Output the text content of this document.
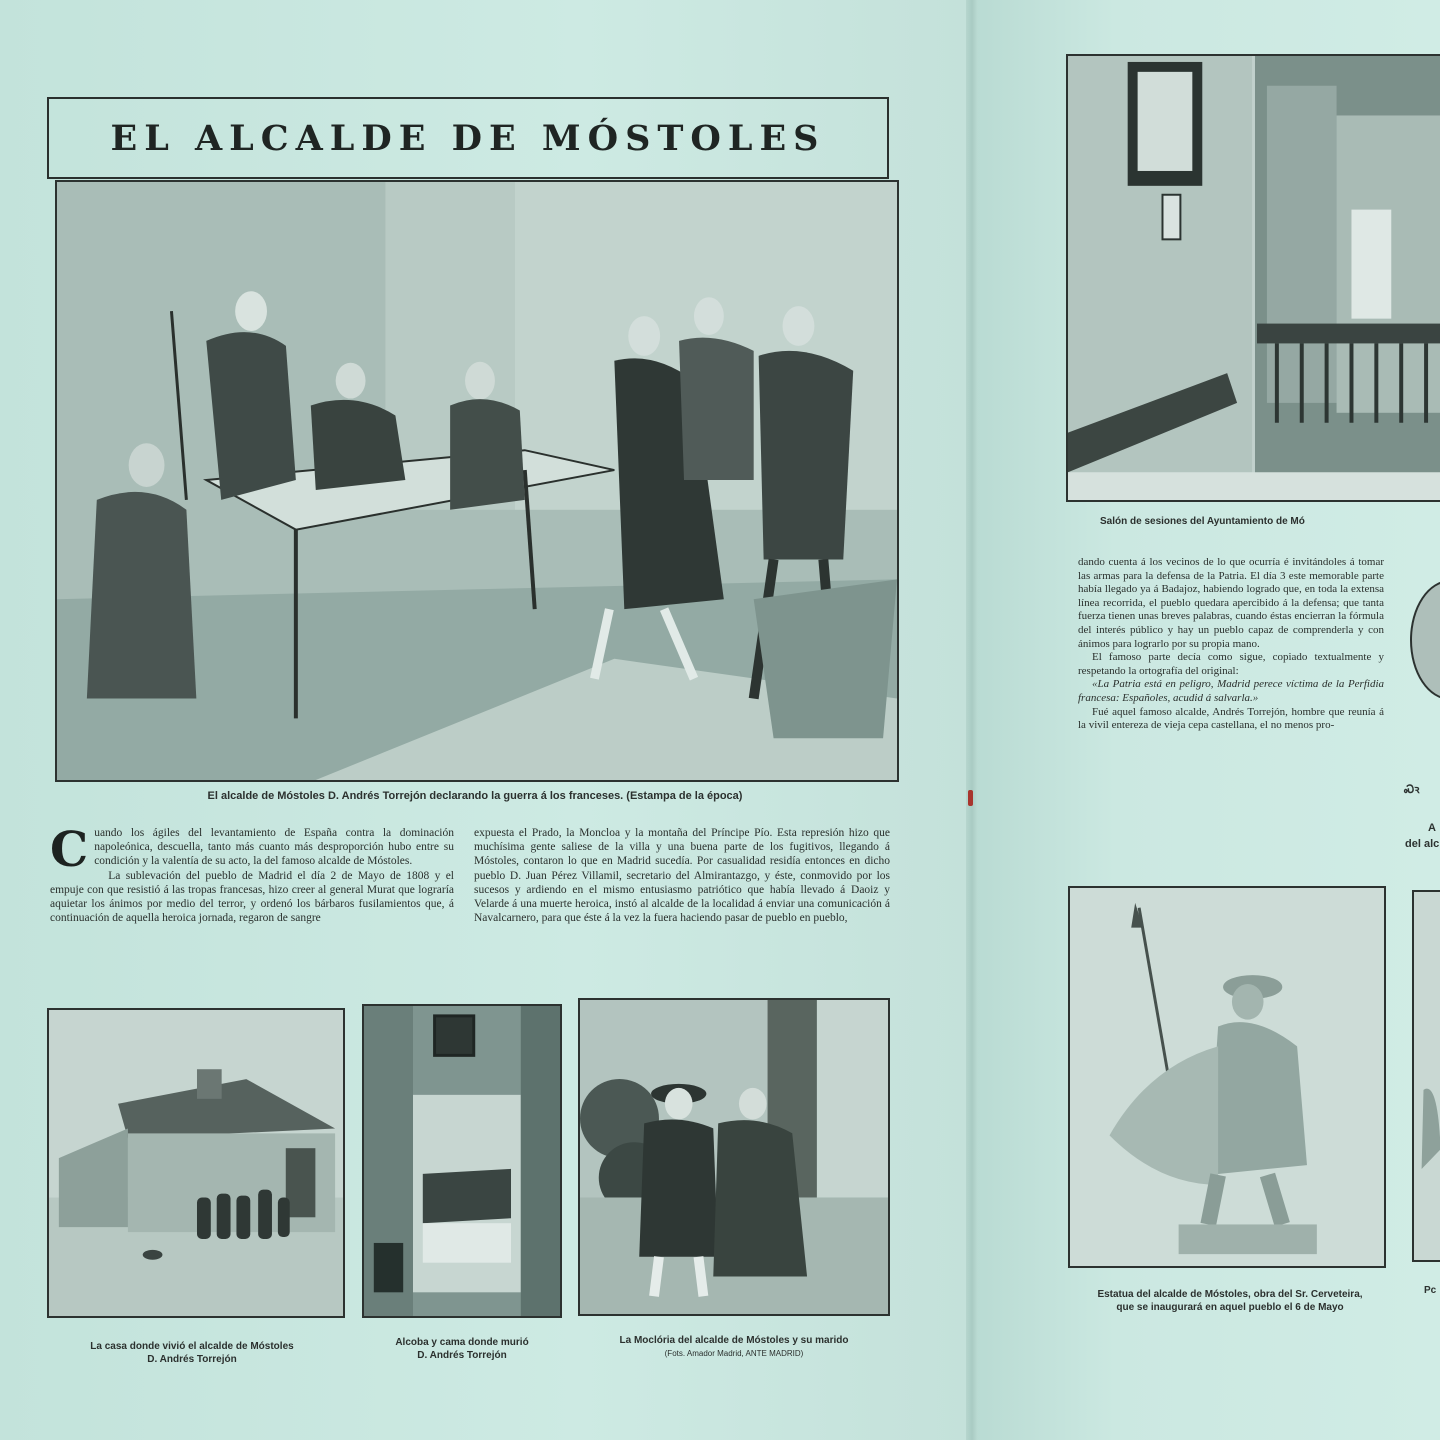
EL ALCALDE DE MÓSTOLES
El alcalde de Móstoles D. Andrés Torrejón declarando la guerra á los franceses. (Estampa de la época)

Cuando los ágiles del levantamiento de España contra la dominación napoleónica, descuella, tanto más cuanto más desproporción hubo entre su condición y la valentía de su acto, la del famoso alcalde de Móstoles.

La sublevación del pueblo de Madrid el día 2 de Mayo de 1808 y el empuje con que resistió á las tropas francesas, hizo creer al general Murat que lograría aquietar los ánimos por medio del terror, y ordenó los bárbaros fusilamientos que, á continuación de aquella heroica jornada, regaron de sangre

expuesta el Prado, la Moncloa y la montaña del Príncipe Pío. Esta represión hizo que muchísima gente saliese de la villa y una buena parte de los fugitivos, llegando á Móstoles, contaron lo que en Madrid sucedía. Por casualidad residía entonces en dicho pueblo D. Juan Pérez Villamil, secretario del Almirantazgo, y éste, conmovido por los sucesos y ardiendo en el mismo entusiasmo patriótico que había llevado á Daoiz y Velarde á una muerte heroica, instó al alcalde de la localidad á enviar una comunicación á Navalcarnero, para que éste á la vez la fuera haciendo pasar de pueblo en pueblo,

La casa donde vivió el alcalde de Móstoles
D. Andrés Torrejón
Alcoba y cama donde murió
D. Andrés Torrejón
La Moclória del alcalde de Móstoles y su marido
(Fots. Amador Madrid, ANTE MADRID)
Salón de sesiones del Ayuntamiento de Mó

dando cuenta á los vecinos de lo que ocurría é invitándoles á tomar las armas para la defensa de la Patria. El día 3 este memorable parte había llegado ya á Badajoz, habiendo logrado que, en toda la extensa línea recorrida, el pueblo quedara apercibido á la defensa; que tanta fuerza tienen unas breves palabras, cuando éstas encierran la fórmula del interés público y hay un pueblo capaz de comprenderla y con ánimos para lograrlo por su propia mano.

El famoso parte decía como sigue, copiado textualmente y respetando la ortografía del original:

«La Patria está en peligro, Madrid perece víctima de la Perfidia francesa: Españoles, acudid á salvarla.»

Fué aquel famoso alcalde, Andrés Torrejón, hombre que reunía á la vivil entereza de vieja cepa castellana, el no menos pro-

Ꮝꝛ
A
del alc
Estatua del alcalde de Móstoles, obra del Sr. Cerveteira,
que se inaugurará en aquel pueblo el 6 de Mayo
Pc
